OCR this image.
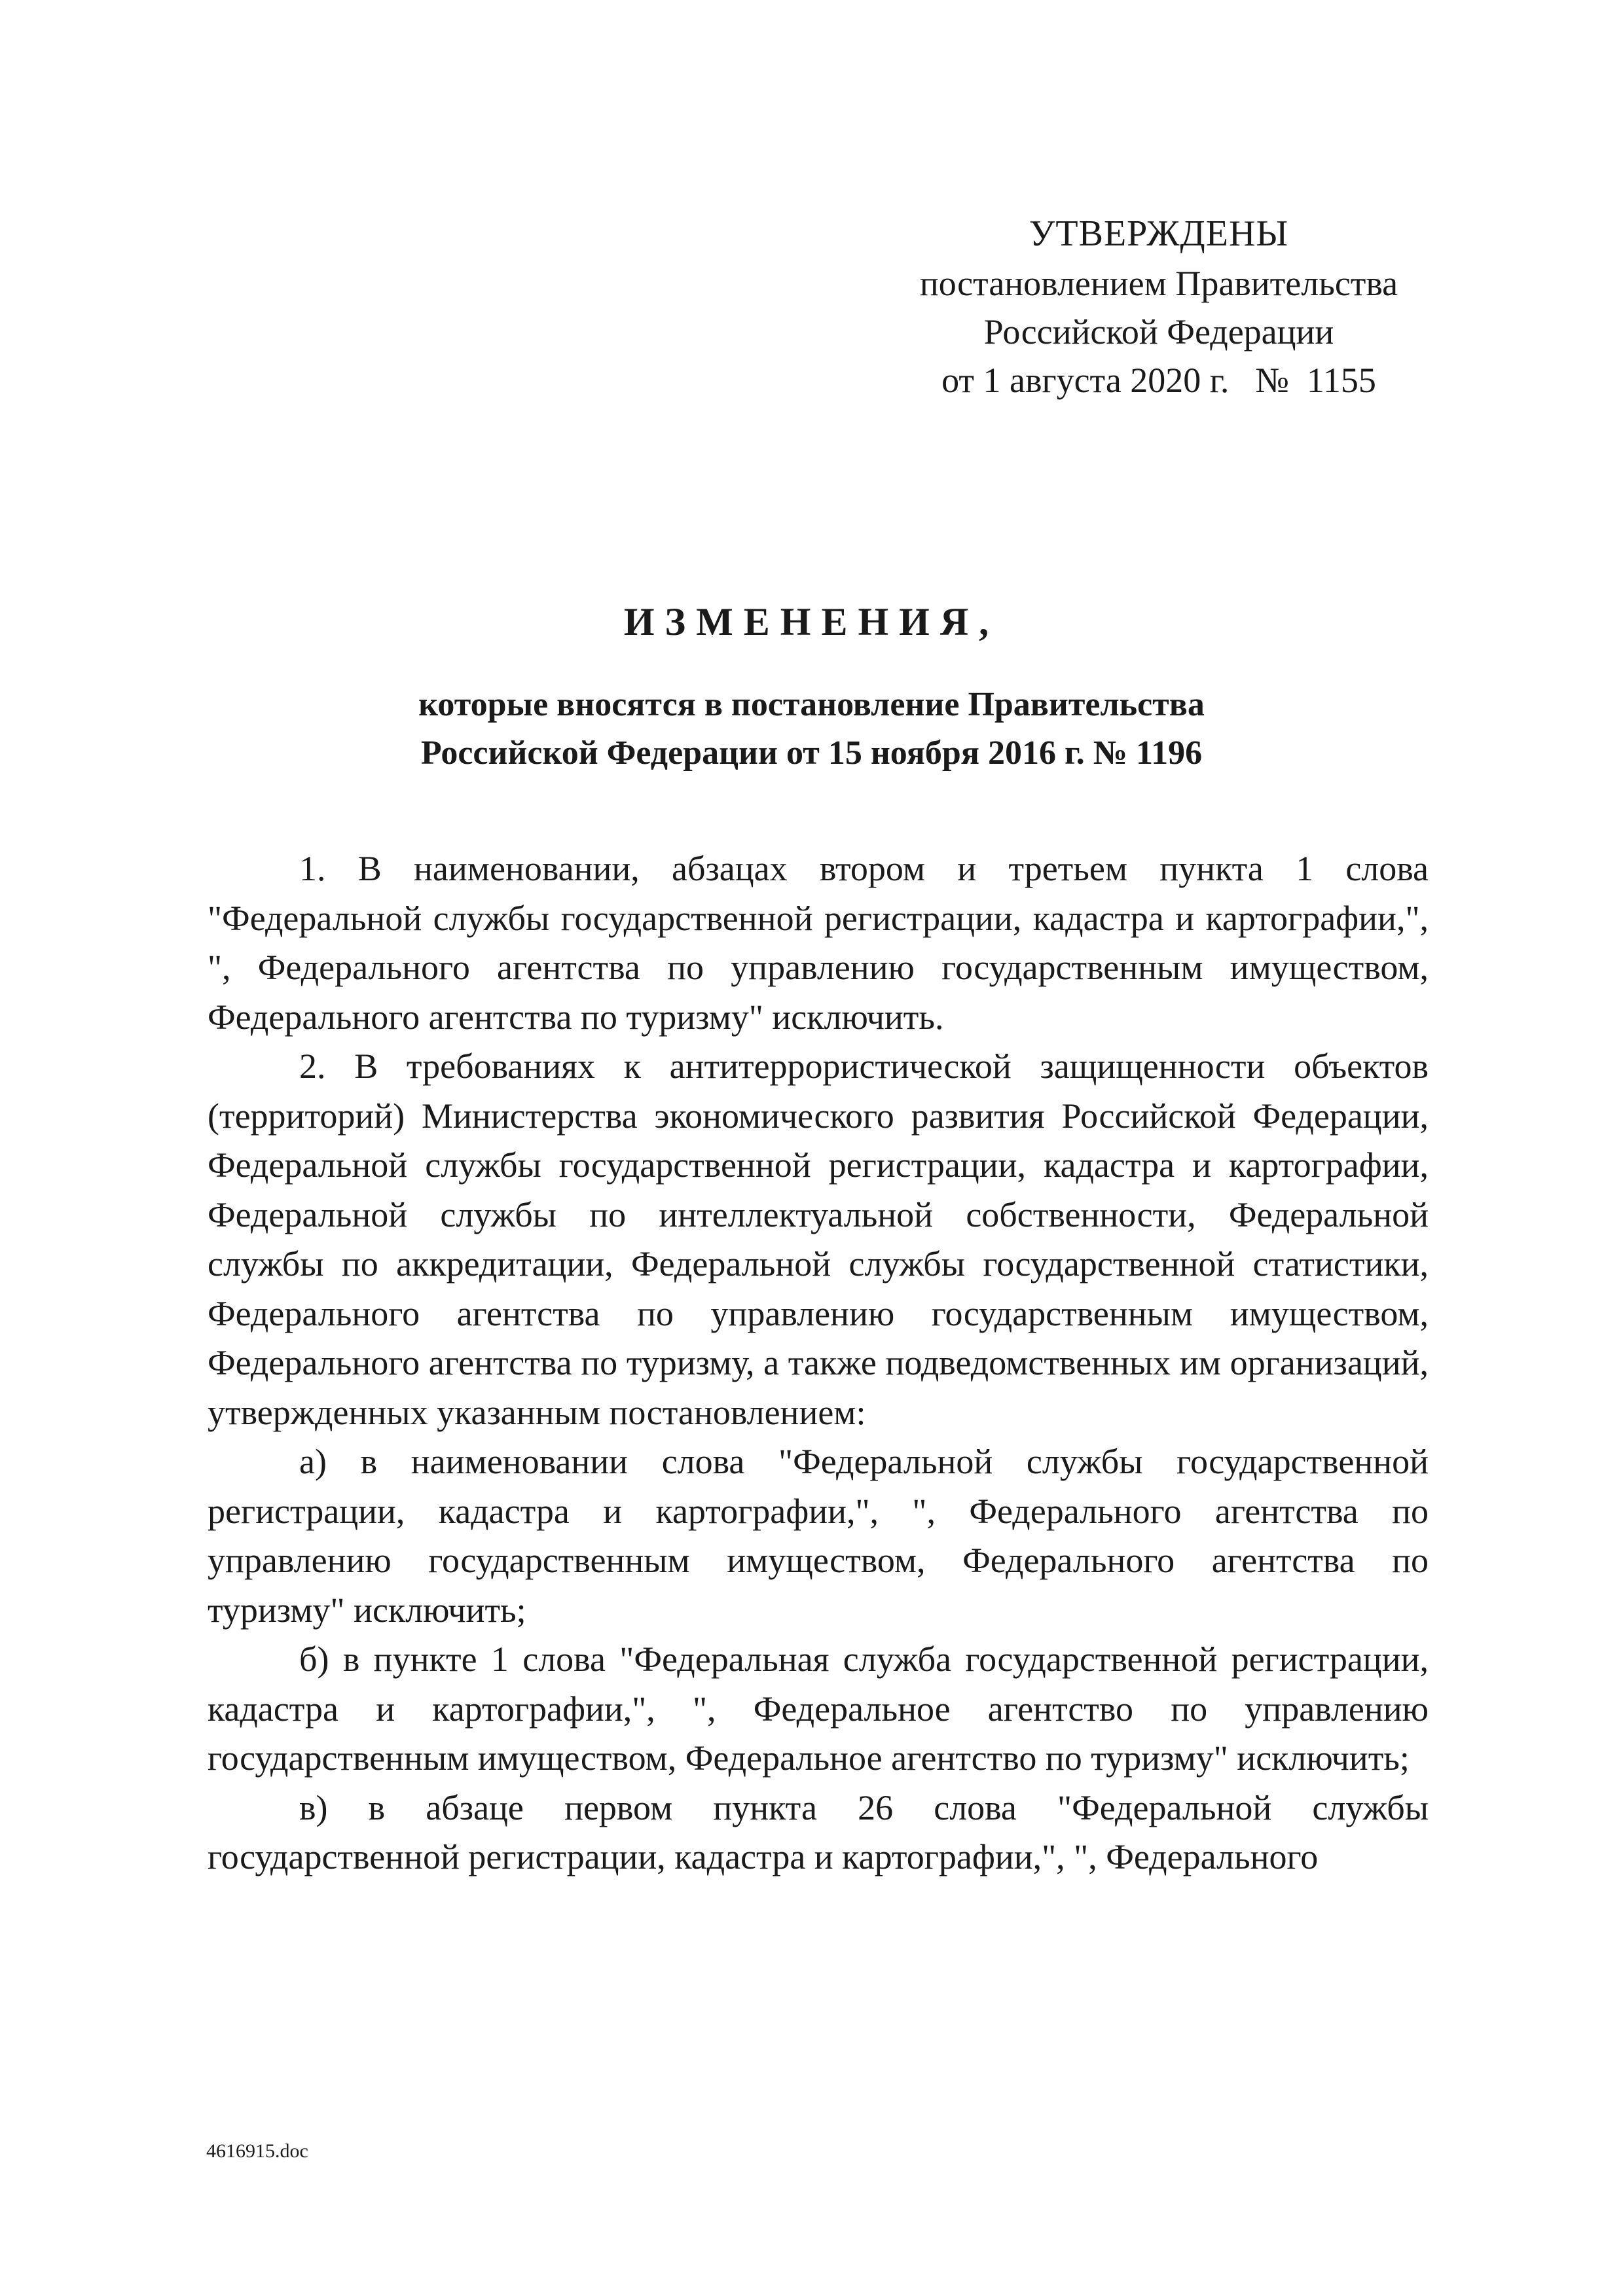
УТВЕРЖДЕНЫ
постановлением Правительства
Российской Федерации
от 1 августа 2020 г. № 1155
ИЗМЕНЕНИЯ,
которые вносятся в постановление Правительства
Российской Федерации от 15 ноября 2016 г. № 1196

1. В наименовании, абзацах втором и третьем пункта 1 слова "Федеральной службы государственной регистрации, кадастра и картографии,", ", Федерального агентства по управлению государственным имуществом, Федерального агентства по туризму" исключить.

2. В требованиях к антитеррористической защищенности объектов (территорий) Министерства экономического развития Российской Федерации, Федеральной службы государственной регистрации, кадастра и картографии, Федеральной службы по интеллектуальной собственности, Федеральной службы по аккредитации, Федеральной службы государственной статистики, Федерального агентства по управлению государственным имуществом, Федерального агентства по туризму, а также подведомственных им организаций, утвержденных указанным постановлением:

а) в наименовании слова "Федеральной службы государственной регистрации, кадастра и картографии,", ", Федерального агентства по управлению государственным имуществом, Федерального агентства по туризму" исключить;

б) в пункте 1 слова "Федеральная служба государственной регистрации, кадастра и картографии,", ", Федеральное агентство по управлению государственным имуществом, Федеральное агентство по туризму" исключить;

в) в абзаце первом пункта 26 слова "Федеральной службы государственной регистрации, кадастра и картографии,", ", Федерального

4616915.doc
